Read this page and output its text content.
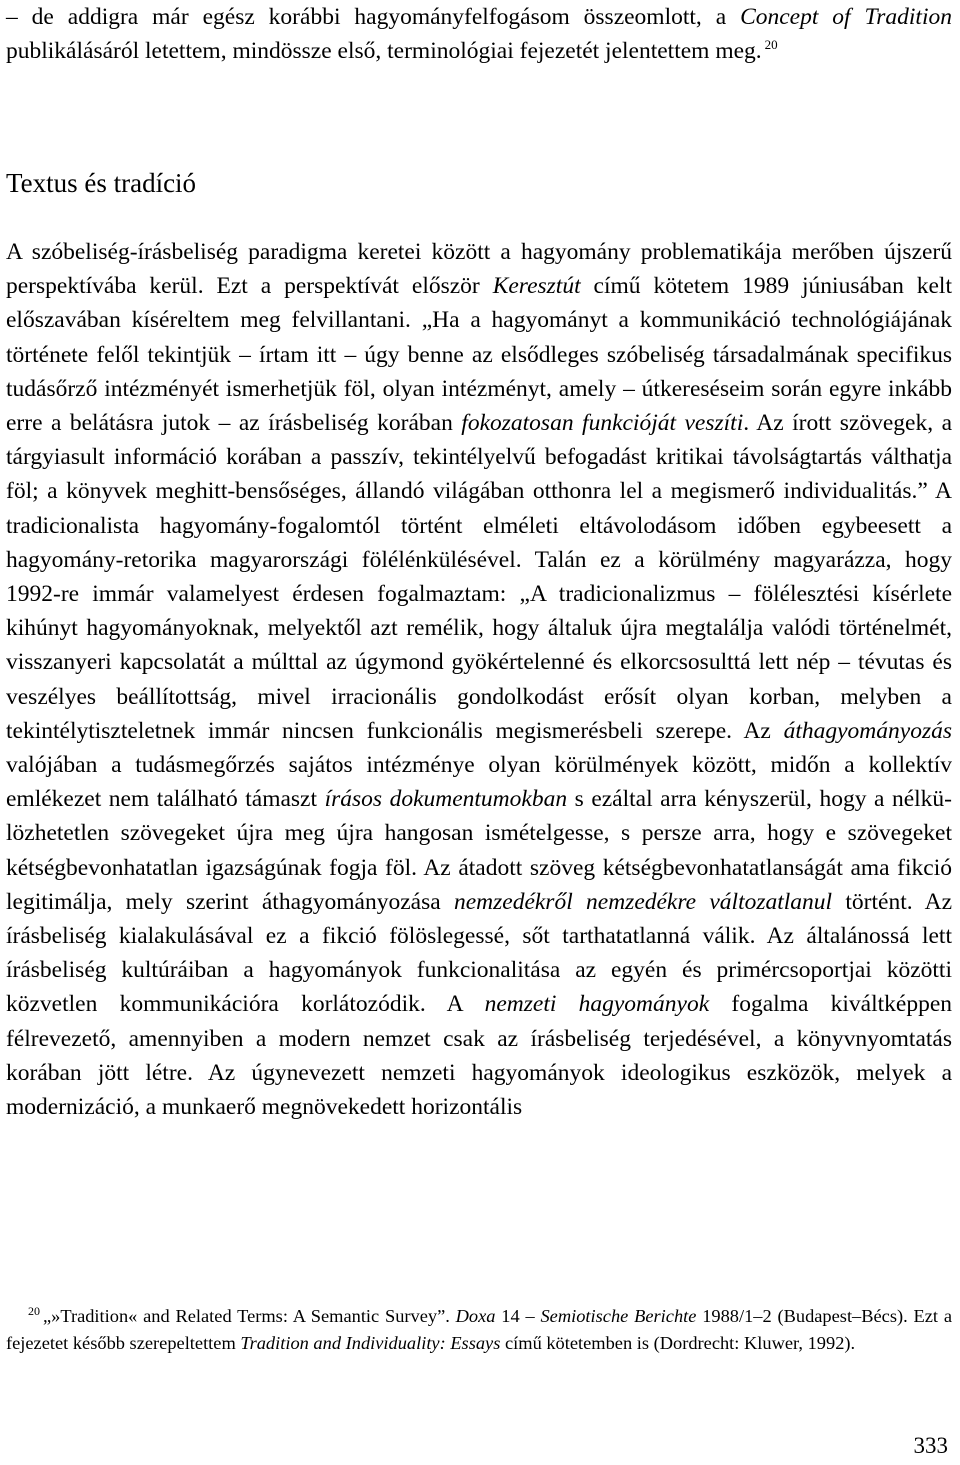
– de addigra már egész korábbi hagyományfelfogásom összeomlott, a Concept of Tradition publikálásáról letettem, mindössze első, terminológiai fejezetét jelentettem meg. $^{20}$

Textus és tradíció

A szóbeliség-írásbeliség paradigma keretei között a hagyomány problematikája merőben újszerű perspektívába kerül. Ezt a perspektívát először Keresztút című kötetem 1989 júniusában kelt előszavában kíséreltem meg felvillantani. „Ha a hagyományt a kommunikáció technológiájának története felől tekintjük – írtam itt – úgy benne az elsődleges szóbeliség társadalmának specifikus tudásőrző intézményét ismerhetjük föl, olyan intézményt, amely – útkereséseim során egyre inkább erre a belátásra jutok – az írásbeliség korában fokozatosan funkcióját veszíti. Az írott szövegek, a tárgyiasult információ korában a passzív, tekintélyelvű befogadást kritikai távolságtartás válthatja föl; a könyvek meghitt-bensőséges, állandó világában otthonra lel a megismerő individualitás.” A tradicionalista hagyomány-fogalomtól történt elméleti eltávolodásom időben egybeesett a hagyomány-retorika magyarországi fölélénkülésével. Talán ez a körülmény magyarázza, hogy 1992-re immár valamelyest érdesen fogalmaztam: „A tradicionalizmus – fölélesztési kísérlete kihúnyt hagyományoknak, melyektől azt remélik, hogy általuk újra megtalálja valódi történelmét, visszanyeri kapcsolatát a múlttal az úgymond gyökértelenné és elkorcsosulttá lett nép – tévutas és veszélyes beállítottság, mivel irracionális gondolkodást erősít olyan korban, melyben a tekintélytiszteletnek immár nincsen funkcionális megismerésbeli szerepe. Az áthagyományozás valójában a tudásmegőrzés sajátos intézménye olyan körülmények között, midőn a kollektív emlékezet nem található támaszt írásos dokumentumokban s ezáltal arra kényszerül, hogy a nélkülözhetetlen szövegeket újra meg újra hangosan ismételgesse, s persze arra, hogy e szövegeket kétségbevonhatatlan igazságúnak fogja föl. Az átadott szöveg kétségbevonhatatlanságát ama fikció legitimálja, mely szerint áthagyományozása nemzedékről nemzedékre változatlanul történt. Az írásbeliség kialakulásával ez a fikció fölöslegessé, sőt tarthatatlanná válik. Az általánossá lett írásbeliség kultúráiban a hagyományok funkcionalitása az egyén és primércsoportjai közötti közvetlen kommunikációra korlátozódik. A nemzeti hagyományok fogalma kiváltképpen félrevezető, amennyiben a modern nemzet csak az írásbeliség terjedésével, a könyvnyomtatás korában jött létre. Az úgynevezett nemzeti hagyományok ideologikus eszközök, melyek a modernizáció, a munkaerő megnövekedett horizontális

$^{20}$ „»Tradition« and Related Terms: A Semantic Survey”. Doxa 14 – Semiotische Berichte 1988/1–2 (Budapest–Bécs). Ezt a fejezetet később szerepeltettem Tradition and Individuality: Essays című kötetemben is (Dordrecht: Kluwer, 1992).
333
